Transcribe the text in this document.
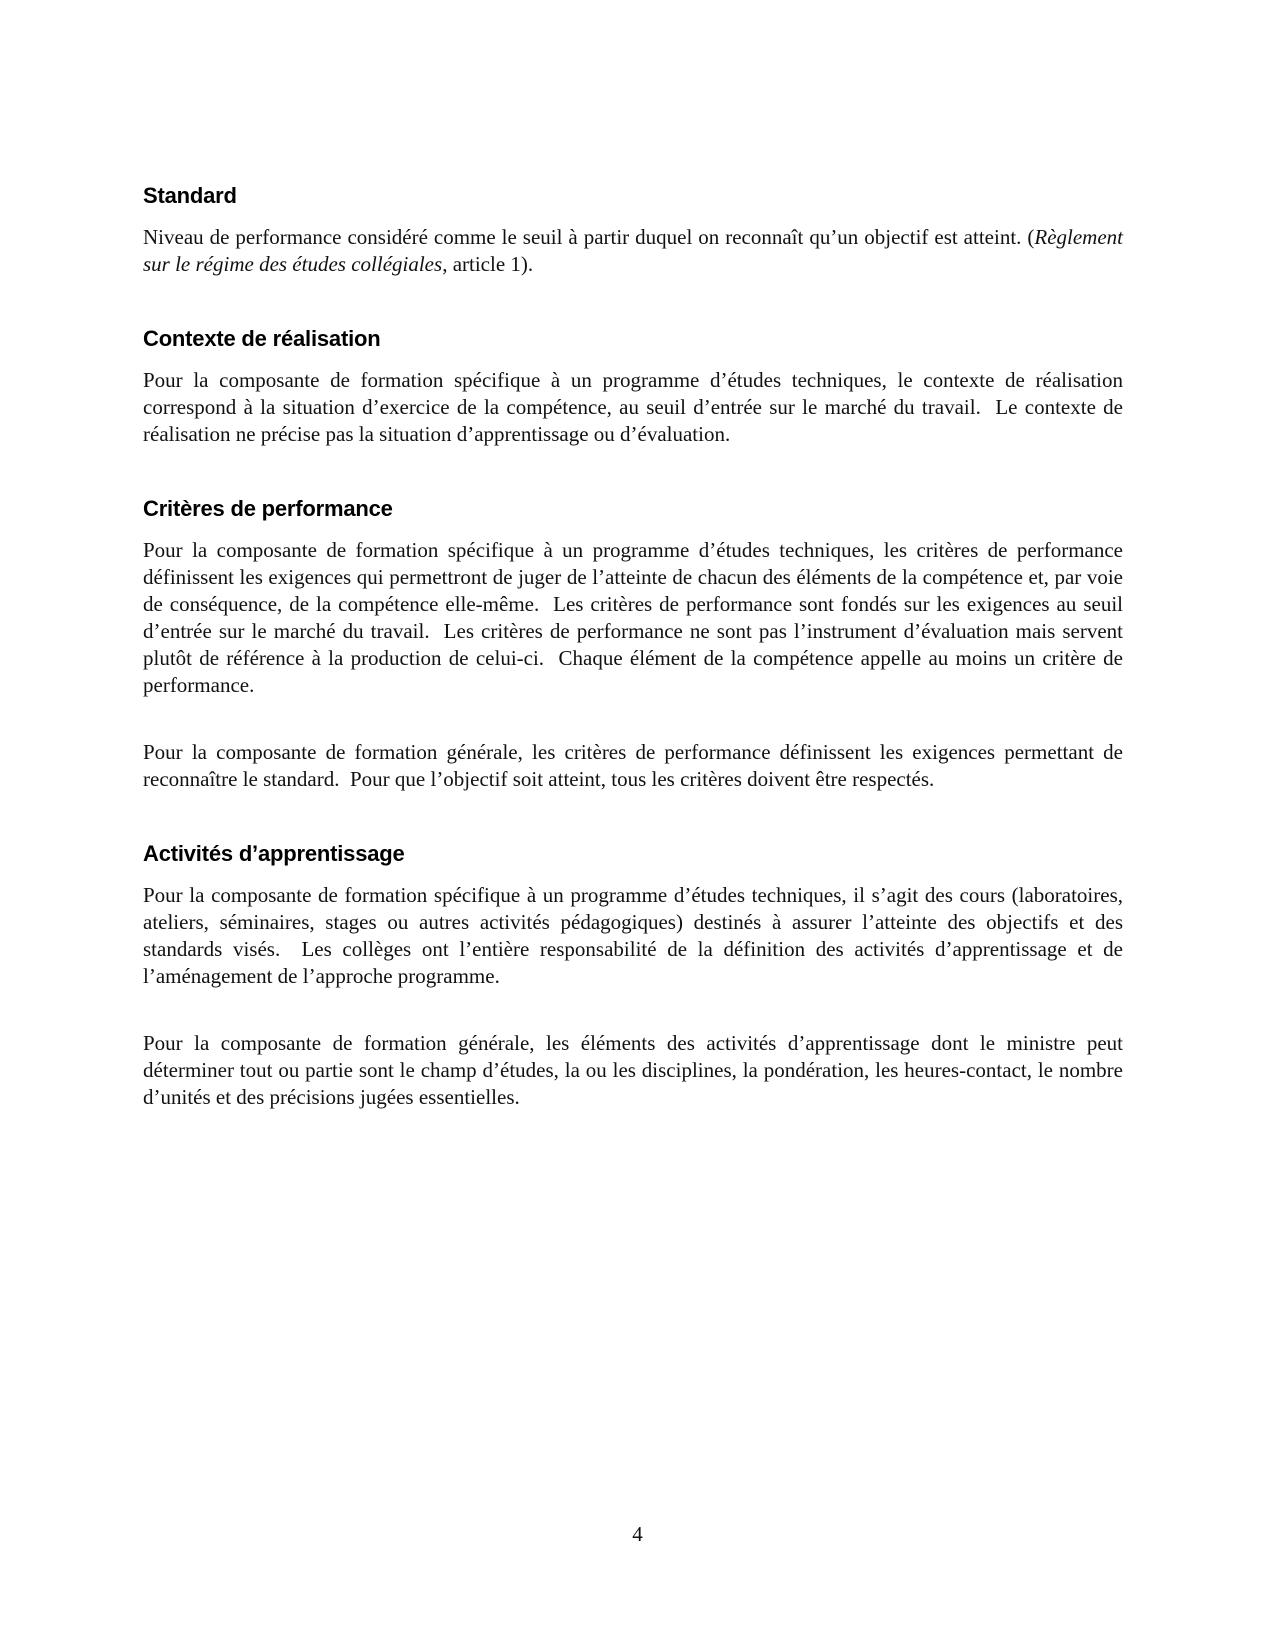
Standard

Niveau de performance considéré comme le seuil à partir duquel on reconnaît qu’un objectif est atteint. (Règlement sur le régime des études collégiales, article 1).

Contexte de réalisation

Pour la composante de formation spécifique à un programme d’études techniques, le contexte de réalisation correspond à la situation d’exercice de la compétence, au seuil d’entrée sur le marché du travail.  Le contexte de réalisation ne précise pas la situation d’apprentissage ou d’évaluation.

Critères de performance

Pour la composante de formation spécifique à un programme d’études techniques, les critères de performance définissent les exigences qui permettront de juger de l’atteinte de chacun des éléments de la compétence et, par voie de conséquence, de la compétence elle-même.  Les critères de performance sont fondés sur les exigences au seuil d’entrée sur le marché du travail.  Les critères de performance ne sont pas l’instrument d’évaluation mais servent plutôt de référence à la production de celui-ci.  Chaque élément de la compétence appelle au moins un critère de performance.

Pour la composante de formation générale, les critères de performance définissent les exigences permettant de reconnaître le standard.  Pour que l’objectif soit atteint, tous les critères doivent être respectés.

Activités d’apprentissage

Pour la composante de formation spécifique à un programme d’études techniques, il s’agit des cours (laboratoires, ateliers, séminaires, stages ou autres activités pédagogiques) destinés à assurer l’atteinte des objectifs et des standards visés.  Les collèges ont l’entière responsabilité de la définition des activités d’apprentissage et de l’aménagement de l’approche programme.

Pour la composante de formation générale, les éléments des activités d’apprentissage dont le ministre peut déterminer tout ou partie sont le champ d’études, la ou les disciplines, la pondération, les heures-contact, le nombre d’unités et des précisions jugées essentielles.

4
